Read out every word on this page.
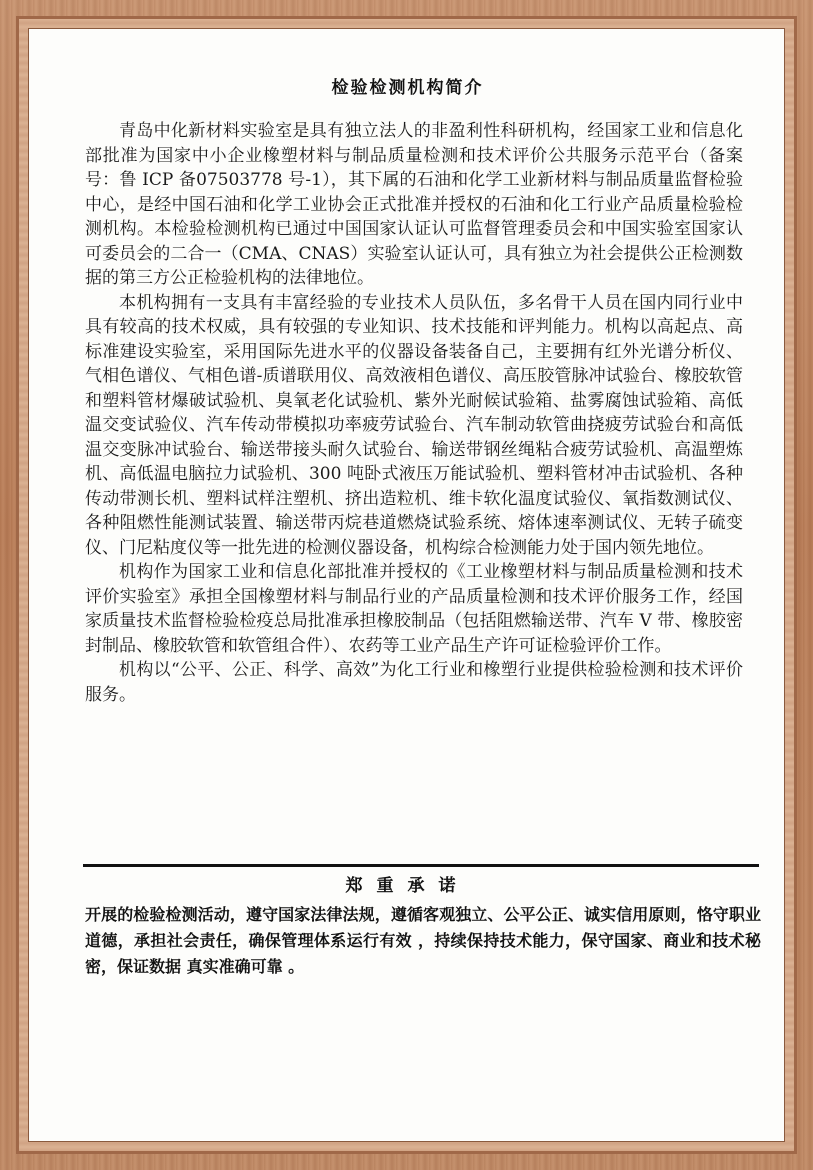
检验检测机构简介

青岛中化新材料实验室是具有独立法人的非盈利性科研机构，经国家工业和信息化部批准为国家中小企业橡塑材料与制品质量检测和技术评价公共服务示范平台（备案号：鲁 ICP 备07503778 号-1），其下属的石油和化学工业新材料与制品质量监督检验中心，是经中国石油和化学工业协会正式批准并授权的石油和化工行业产品质量检验检测机构。本检验检测机构已通过中国国家认证认可监督管理委员会和中国实验室国家认可委员会的二合一（CMA、CNAS）实验室认证认可，具有独立为社会提供公正检测数据的第三方公正检验机构的法律地位。

本机构拥有一支具有丰富经验的专业技术人员队伍，多名骨干人员在国内同行业中具有较高的技术权威，具有较强的专业知识、技术技能和评判能力。机构以高起点、高标准建设实验室，采用国际先进水平的仪器设备装备自己，主要拥有红外光谱分析仪、气相色谱仪、气相色谱-质谱联用仪、高效液相色谱仪、高压胶管脉冲试验台、橡胶软管和塑料管材爆破试验机、臭氧老化试验机、紫外光耐候试验箱、盐雾腐蚀试验箱、高低温交变试验仪、汽车传动带模拟功率疲劳试验台、汽车制动软管曲挠疲劳试验台和高低温交变脉冲试验台、输送带接头耐久试验台、输送带钢丝绳粘合疲劳试验机、高温塑炼机、高低温电脑拉力试验机、300 吨卧式液压万能试验机、塑料管材冲击试验机、各种传动带测长机、塑料试样注塑机、挤出造粒机、维卡软化温度试验仪、氧指数测试仪、各种阻燃性能测试装置、输送带丙烷巷道燃烧试验系统、熔体速率测试仪、无转子硫变仪、门尼粘度仪等一批先进的检测仪器设备，机构综合检测能力处于国内领先地位。

机构作为国家工业和信息化部批准并授权的《工业橡塑材料与制品质量检测和技术评价实验室》承担全国橡塑材料与制品行业的产品质量检测和技术评价服务工作，经国家质量技术监督检验检疫总局批准承担橡胶制品（包括阻燃输送带、汽车 V 带、橡胶密封制品、橡胶软管和软管组合件）、农药等工业产品生产许可证检验评价工作。

机构以“公平、公正、科学、高效”为化工行业和橡塑行业提供检验检测和技术评价服务。

郑重承诺

开展的检验检测活动，遵守国家法律法规，遵循客观独立、公平公正、诚实信用原则，恪守职业道德，承担社会责任，确保管理体系运行有效 ，持续保持技术能力，保守国家、商业和技术秘密，保证数据 真实准确可靠 。
